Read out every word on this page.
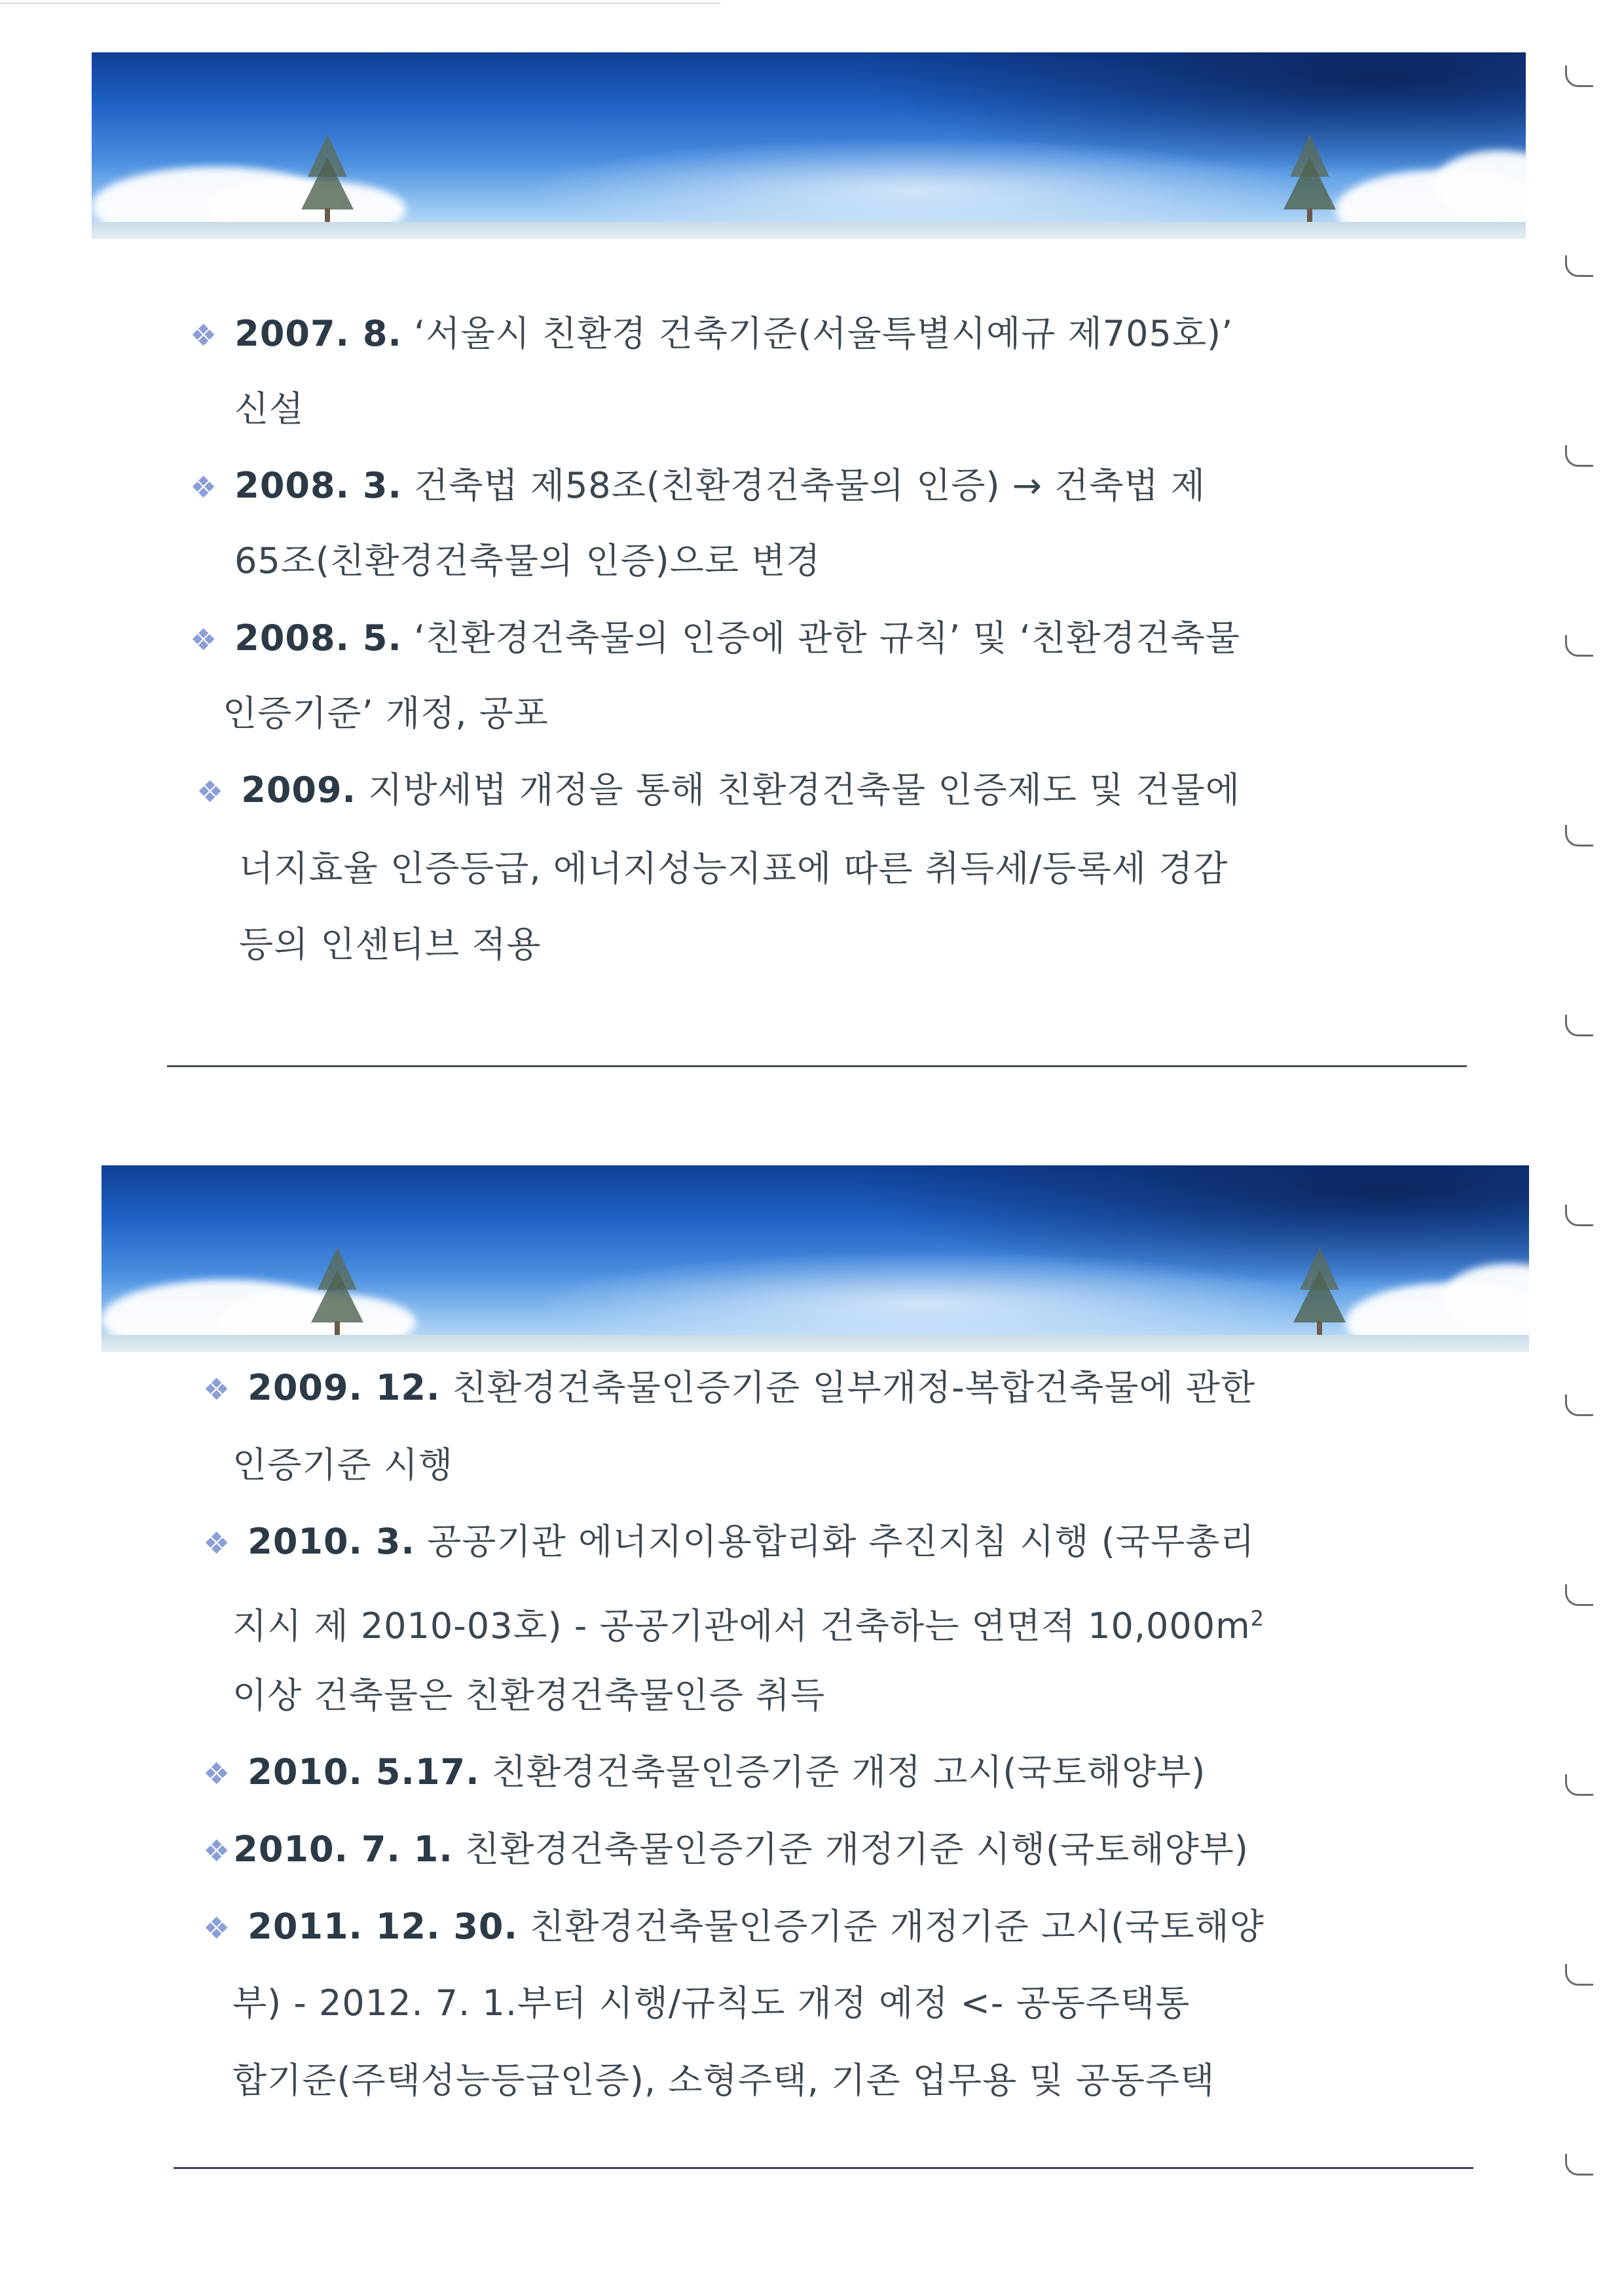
❖ 2007. 8. ‘서울시 친환경 건축기준(서울특별시예규 제705호)’
신설
❖ 2008. 3. 건축법 제58조(친환경건축물의 인증) → 건축법 제
65조(친환경건축물의 인증)으로 변경
❖ 2008. 5. ‘친환경건축물의 인증에 관한 규칙’ 및 ‘친환경건축물
인증기준’ 개정, 공포
❖ 2009. 지방세법 개정을 통해 친환경건축물 인증제도 및 건물에
너지효율 인증등급, 에너지성능지표에 따른 취득세/등록세 경감
등의 인센티브 적용
❖ 2009. 12. 친환경건축물인증기준 일부개정-복합건축물에 관한
인증기준 시행
❖ 2010. 3. 공공기관 에너지이용합리화 추진지침 시행 (국무총리
지시 제 2010-03호) - 공공기관에서 건축하는 연면적 $10,000m^2$
이상 건축물은 친환경건축물인증 취득
❖ 2010. 5.17. 친환경건축물인증기준 개정 고시(국토해양부)
❖2010. 7. 1. 친환경건축물인증기준 개정기준 시행(국토해양부)
❖ 2011. 12. 30. 친환경건축물인증기준 개정기준 고시(국토해양
부) - 2012. 7. 1.부터 시행/규칙도 개정 예정 <- 공동주택통
합기준(주택성능등급인증), 소형주택, 기존 업무용 및 공동주택
